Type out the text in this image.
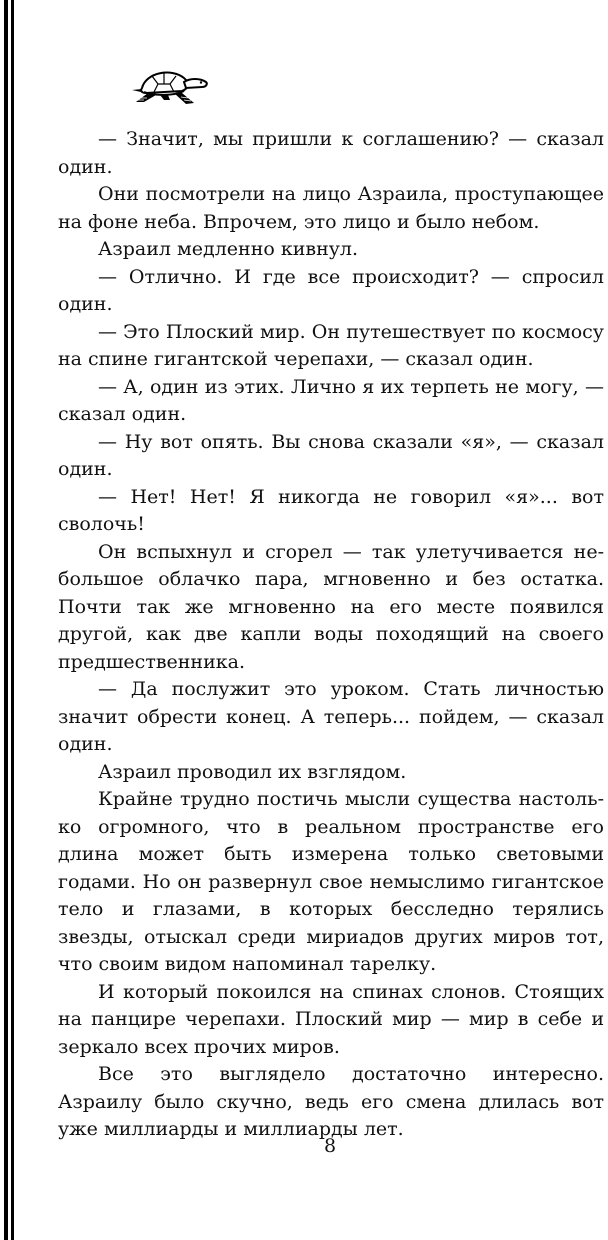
— Значит, мы пришли к соглашению? — сказал один.

Они посмотрели на лицо Азраила, проступающее на фоне неба. Впрочем, это лицо и было небом.

Азраил медленно кивнул.

— Отлично. И где все происходит? — спросил один.

— Это Плоский мир. Он путешествует по космосу на спине гигантской черепахи, — сказал один.

— А, один из этих. Лично я их терпеть не могу, — сказал один.

— Ну вот опять. Вы снова сказали «я», — сказал один.

— Нет! Нет! Я никогда не говорил «я»... вот сволочь!

Он вспыхнул и сгорел — так улетучивается небольшое облачко пара, мгновенно и без остатка. Почти так же мгновенно на его месте появился другой, как две капли воды походящий на своего предшественника.

— Да послужит это уроком. Стать личностью значит обрести конец. А теперь... пойдем, — сказал один.

Азраил проводил их взглядом.

Крайне трудно постичь мысли существа настолько огромного, что в реальном пространстве его длина может быть измерена только световыми годами. Но он развернул свое немыслимо гигантское тело и глазами, в которых бесследно терялись звезды, отыскал среди мириадов других миров тот, что своим видом напоминал тарелку.

И который покоился на спинах слонов. Стоящих на панцире черепахи. Плоский мир — мир в себе и зеркало всех прочих миров.

Все это выглядело достаточно интересно. Азраилу было скучно, ведь его смена длилась вот уже миллиарды и миллиарды лет.

8
